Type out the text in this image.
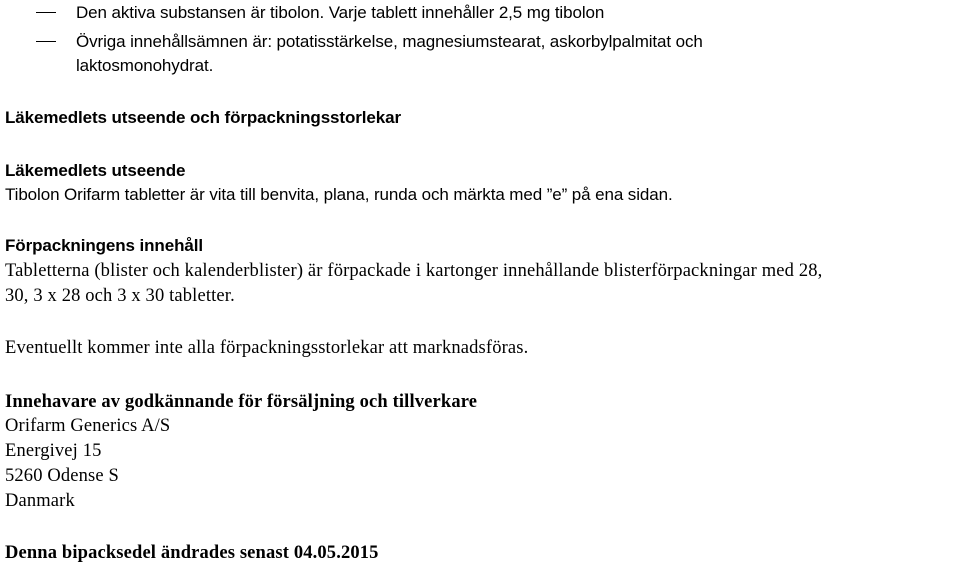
Den aktiva substansen är tibolon. Varje tablett innehåller 2,5 mg tibolon
Övriga innehållsämnen är: potatisstärkelse, magnesiumstearat, askorbylpalmitat och

laktosmonohydrat.

Läkemedlets utseende och förpackningsstorlekar

Läkemedlets utseende

Tibolon Orifarm tabletter är vita till benvita, plana, runda och märkta med ”e” på ena sidan.

Förpackningens innehåll

Tabletterna (blister och kalenderblister) är förpackade i kartonger innehållande blisterförpackningar med 28,

30, 3 x 28 och 3 x 30 tabletter.

Eventuellt kommer inte alla förpackningsstorlekar att marknadsföras.

Innehavare av godkännande för försäljning och tillverkare

Orifarm Generics A/S

Energivej 15

5260 Odense S

Danmark

Denna bipacksedel ändrades senast 04.05.2015
